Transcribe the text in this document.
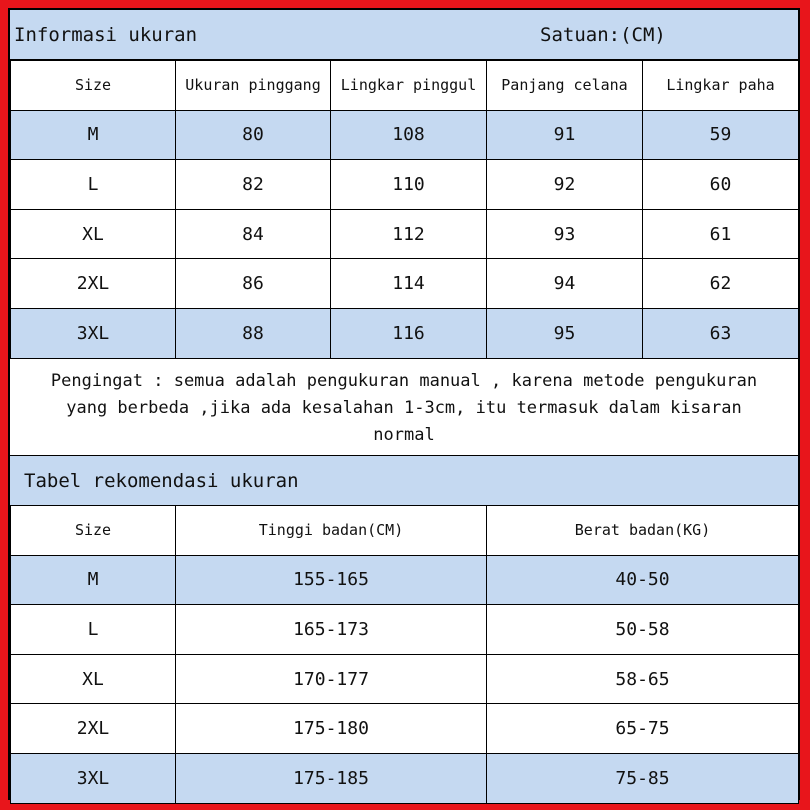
Informasi ukuran	Satuan:(CM)
Size	Ukuran pinggang	Lingkar pinggul	Panjang celana	Lingkar paha
M	80	108	91	59
L	82	110	92	60
XL	84	112	93	61
2XL	86	114	94	62
3XL	88	116	95	63
Pengingat : semua adalah pengukuran manual , karena metode pengukuran
yang berbeda ,jika ada kesalahan 1-3cm, itu termasuk dalam kisaran
normal
Tabel rekomendasi ukuran
Size	Tinggi badan(CM)	Berat badan(KG)
M	155-165	40-50
L	165-173	50-58
XL	170-177	58-65
2XL	175-180	65-75
3XL	175-185	75-85
